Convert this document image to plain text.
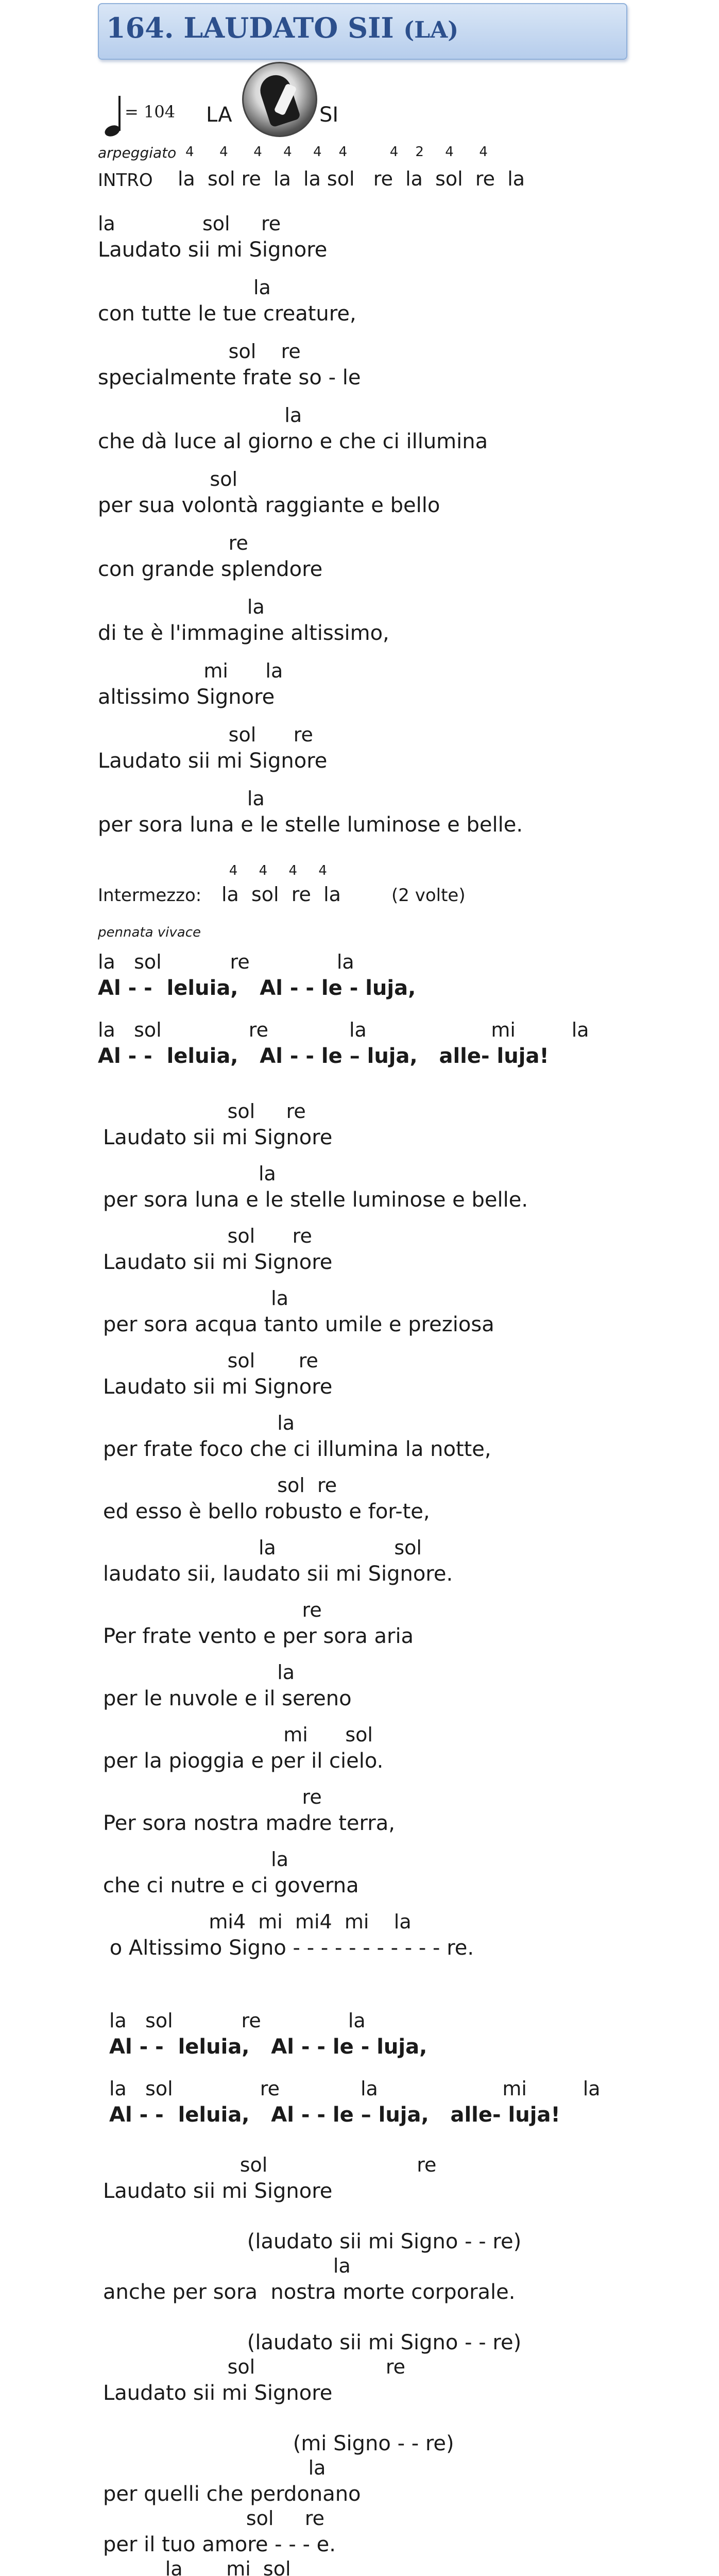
164. LAUDATO SII (LA)
= 104 LA	SI
arpeggiato 4      4      4     4     4    4          4    2     4      4
INTRO la  sol re  la  la sol   re  la  sol  re  la
la              sol     re
Laudato sii mi Signore
la
con tutte le tue creature,
sol    re
specialmente frate so - le
la
che dà luce al giorno e che ci illumina
sol
per sua volontà raggiante e bello
re
con grande splendore
la
di te è l'immagine altissimo,
mi      la
altissimo Signore
sol      re
Laudato sii mi Signore
la
per sora luna e le stelle luminose e belle.
4     4     4     4
Intermezzo: la  sol  re  la	(2 volte)
pennata vivace
la   sol           re              la
Al - -  leluia,   Al - - le - luja,
la   sol              re             la                    mi         la
Al - -  leluia,   Al - - le – luja,   alle- luja!
sol     re
Laudato sii mi Signore
la
per sora luna e le stelle luminose e belle.
sol      re
Laudato sii mi Signore
la
per sora acqua tanto umile e preziosa
sol       re
Laudato sii mi Signore
la
per frate foco che ci illumina la notte,
sol  re
ed esso è bello robusto e for-te,
la                   sol
laudato sii, laudato sii mi Signore.
re
Per frate vento e per sora aria
la
per le nuvole e il sereno
mi      sol
per la pioggia e per il cielo.
re
Per sora nostra madre terra,
la
che ci nutre e ci governa
mi4  mi  mi4  mi    la
o Altissimo Signo - - - - - - - - - - - re.
la   sol           re              la
Al - -  leluia,   Al - - le - luja,
la   sol              re             la                    mi         la
Al - -  leluia,   Al - - le – luja,   alle- luja!
sol                        re
Laudato sii mi Signore
(laudato sii mi Signo - - re)
la
anche per sora  nostra morte corporale.
(laudato sii mi Signo - - re)
sol                     re
Laudato sii mi Signore
(mi Signo - - re)
la
per quelli che perdonano
sol     re
per il tuo amore - - - e.
la       mi  sol
